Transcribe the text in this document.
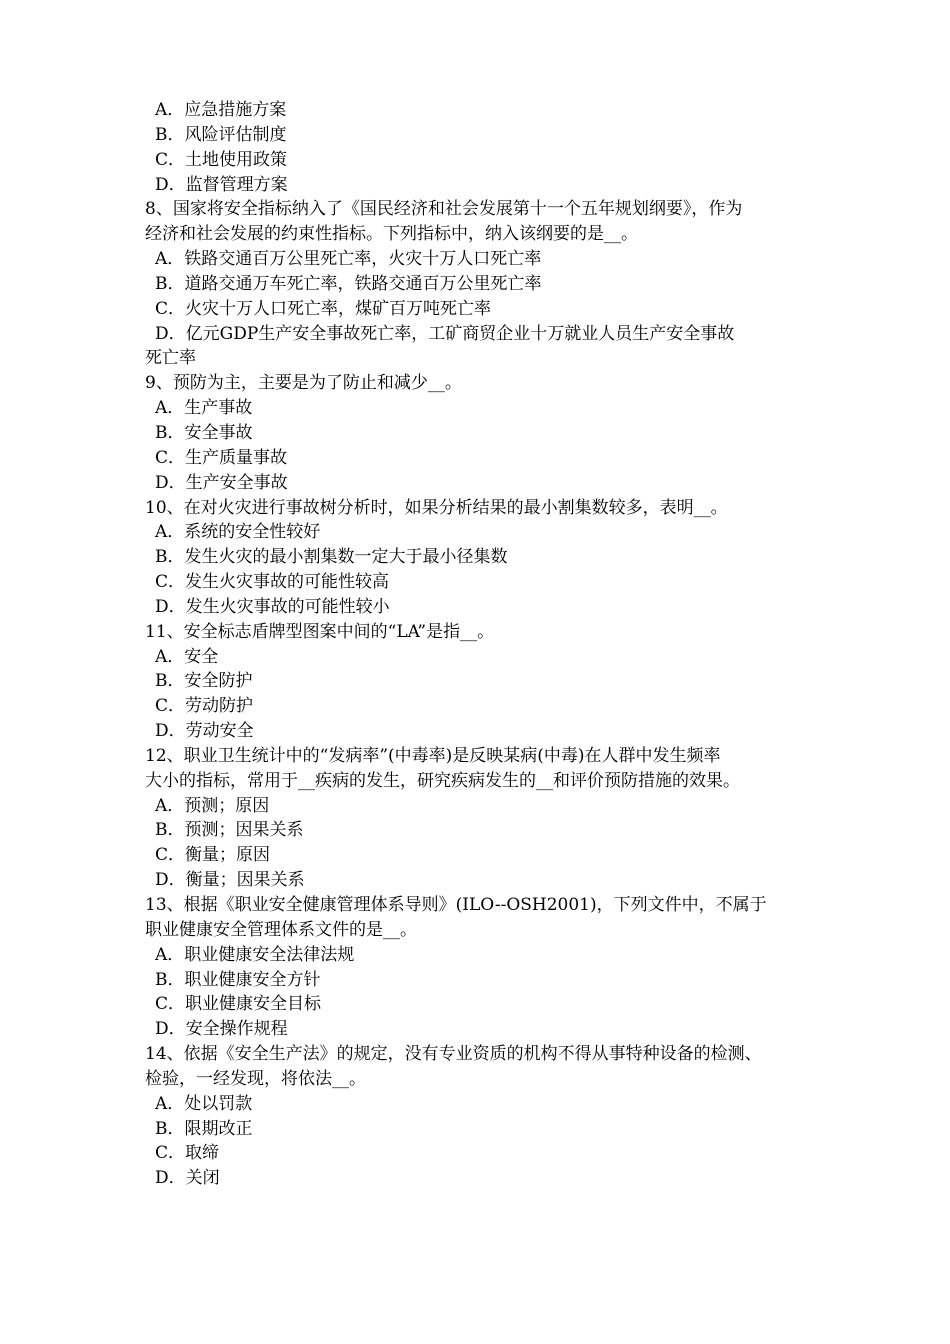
A．应急措施方案
B．风险评估制度
C．土地使用政策
D．监督管理方案
8、国家将安全指标纳入了《国民经济和社会发展第十一个五年规划纲要》，作为
经济和社会发展的约束性指标。下列指标中，纳入该纲要的是__。
A．铁路交通百万公里死亡率，火灾十万人口死亡率
B．道路交通万车死亡率，铁路交通百万公里死亡率
C．火灾十万人口死亡率，煤矿百万吨死亡率
D．亿元GDP生产安全事故死亡率，工矿商贸企业十万就业人员生产安全事故
死亡率
9、预防为主，主要是为了防止和减少__。
A．生产事故
B．安全事故
C．生产质量事故
D．生产安全事故
10、在对火灾进行事故树分析时，如果分析结果的最小割集数较多，表明__。
A．系统的安全性较好
B．发生火灾的最小割集数一定大于最小径集数
C．发生火灾事故的可能性较高
D．发生火灾事故的可能性较小
11、安全标志盾牌型图案中间的“LA”是指__。
A．安全
B．安全防护
C．劳动防护
D．劳动安全
12、职业卫生统计中的“发病率”(中毒率)是反映某病(中毒)在人群中发生频率
大小的指标，常用于__疾病的发生，研究疾病发生的__和评价预防措施的效果。
A．预测；原因
B．预测；因果关系
C．衡量；原因
D．衡量；因果关系
13、根据《职业安全健康管理体系导则》(ILO--OSH2001)，下列文件中，不属于
职业健康安全管理体系文件的是__。
A．职业健康安全法律法规
B．职业健康安全方针
C．职业健康安全目标
D．安全操作规程
14、依据《安全生产法》的规定，没有专业资质的机构不得从事特种设备的检测、
检验，一经发现，将依法__。
A．处以罚款
B．限期改正
C．取缔
D．关闭
